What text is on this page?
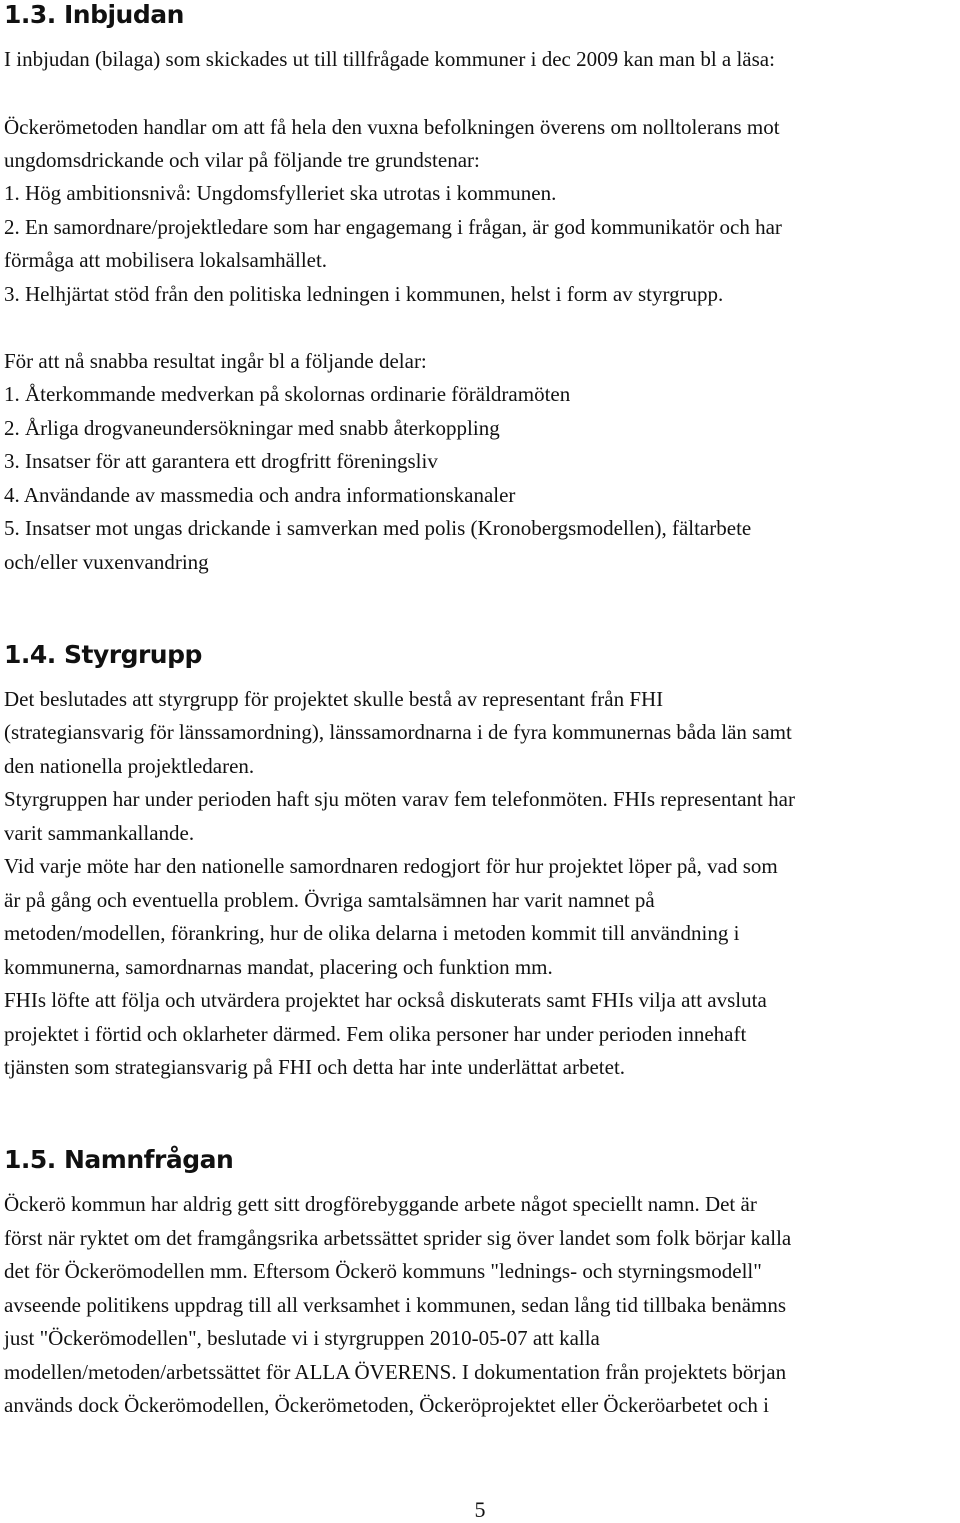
1.3. Inbjudan

I inbjudan (bilaga) som skickades ut till tillfrågade kommuner i dec 2009 kan man bl a läsa:

Öckerömetoden handlar om att få hela den vuxna befolkningen överens om nolltolerans mot

ungdomsdrickande och vilar på följande tre grundstenar:

1. Hög ambitionsnivå: Ungdomsfylleriet ska utrotas i kommunen.

2. En samordnare/projektledare som har engagemang i frågan, är god kommunikatör och har

förmåga att mobilisera lokalsamhället.

3. Helhjärtat stöd från den politiska ledningen i kommunen, helst i form av styrgrupp.

För att nå snabba resultat ingår bl a följande delar:

1. Återkommande medverkan på skolornas ordinarie föräldramöten

2. Årliga drogvaneundersökningar med snabb återkoppling

3. Insatser för att garantera ett drogfritt föreningsliv

4. Användande av massmedia och andra informationskanaler

5. Insatser mot ungas drickande i samverkan med polis (Kronobergsmodellen), fältarbete

och/eller vuxenvandring

1.4. Styrgrupp

Det beslutades att styrgrupp för projektet skulle bestå av representant från FHI

(strategiansvarig för länssamordning), länssamordnarna i de fyra kommunernas båda län samt

den nationella projektledaren.

Styrgruppen har under perioden haft sju möten varav fem telefonmöten. FHIs representant har

varit sammankallande.

Vid varje möte har den nationelle samordnaren redogjort för hur projektet löper på, vad som

är på gång och eventuella problem. Övriga samtalsämnen har varit namnet på

metoden/modellen, förankring, hur de olika delarna i metoden kommit till användning i

kommunerna, samordnarnas mandat, placering och funktion mm.

FHIs löfte att följa och utvärdera projektet har också diskuterats samt FHIs vilja att avsluta

projektet i förtid och oklarheter därmed. Fem olika personer har under perioden innehaft

tjänsten som strategiansvarig på FHI och detta har inte underlättat arbetet.

1.5. Namnfrågan

Öckerö kommun har aldrig gett sitt drogförebyggande arbete något speciellt namn. Det är

först när ryktet om det framgångsrika arbetssättet sprider sig över landet som folk börjar kalla

det för Öckerömodellen mm. Eftersom Öckerö kommuns "lednings- och styrningsmodell"

avseende politikens uppdrag till all verksamhet i kommunen, sedan lång tid tillbaka benämns

just "Öckerömodellen", beslutade vi i styrgruppen 2010-05-07 att kalla

modellen/metoden/arbetssättet för ALLA ÖVERENS. I dokumentation från projektets början

används dock Öckerömodellen, Öckerömetoden, Öckeröprojektet eller Öckeröarbetet och i

5
